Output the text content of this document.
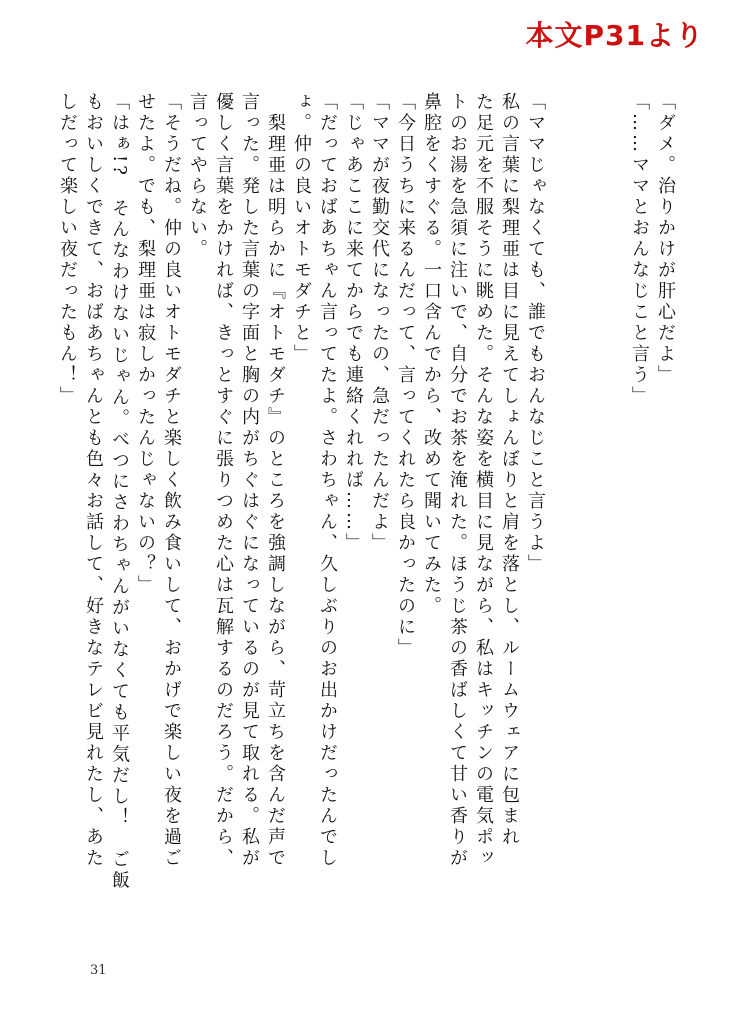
本文P31より

「ママじゃなくても、誰でもおんなじこと言うよ」

私の言葉に梨理亜は目に見えてしょんぼりと肩を落とし、ルームウェアに包まれ

た足元を不服そうに眺めた。そんな姿を横目に見ながら、私はキッチンの電気ポッ

トのお湯を急須に注いで、自分でお茶を淹れた。ほうじ茶の香ばしくて甘い香りが

鼻腔をくすぐる。一口含んでから、改めて聞いてみた。

「今日うちに来るんだって、言ってくれたら良かったのに」

「ママが夜勤交代になったの、急だったんだよ」

「じゃあここに来てからでも連絡くれれば……」

「だっておばあちゃん言ってたよ。さわちゃん、久しぶりのお出かけだったんでし

ょ。仲の良いオトモダチと」

　梨理亜は明らかに『オトモダチ』のところを強調しながら、苛立ちを含んだ声で

言った。発した言葉の字面と胸の内がちぐはぐになっているのが見て取れる。私が

優しく言葉をかければ、きっとすぐに張りつめた心は瓦解するのだろう。だから、

言ってやらない。

「そうだね。仲の良いオトモダチと楽しく飲み食いして、おかげで楽しい夜を過ご

せたよ。でも、梨理亜は寂しかったんじゃないの？」

「はぁ!?　そんなわけないじゃん。べつにさわちゃんがいなくても平気だし！　ご飯

もおいしくできて、おばあちゃんとも色々お話して、好きなテレビ見れたし、あた

しだって楽しい夜だったもん！」	「ダメ。治りかけが肝心だよ」

「……ママとおんなじこと言う」

31
